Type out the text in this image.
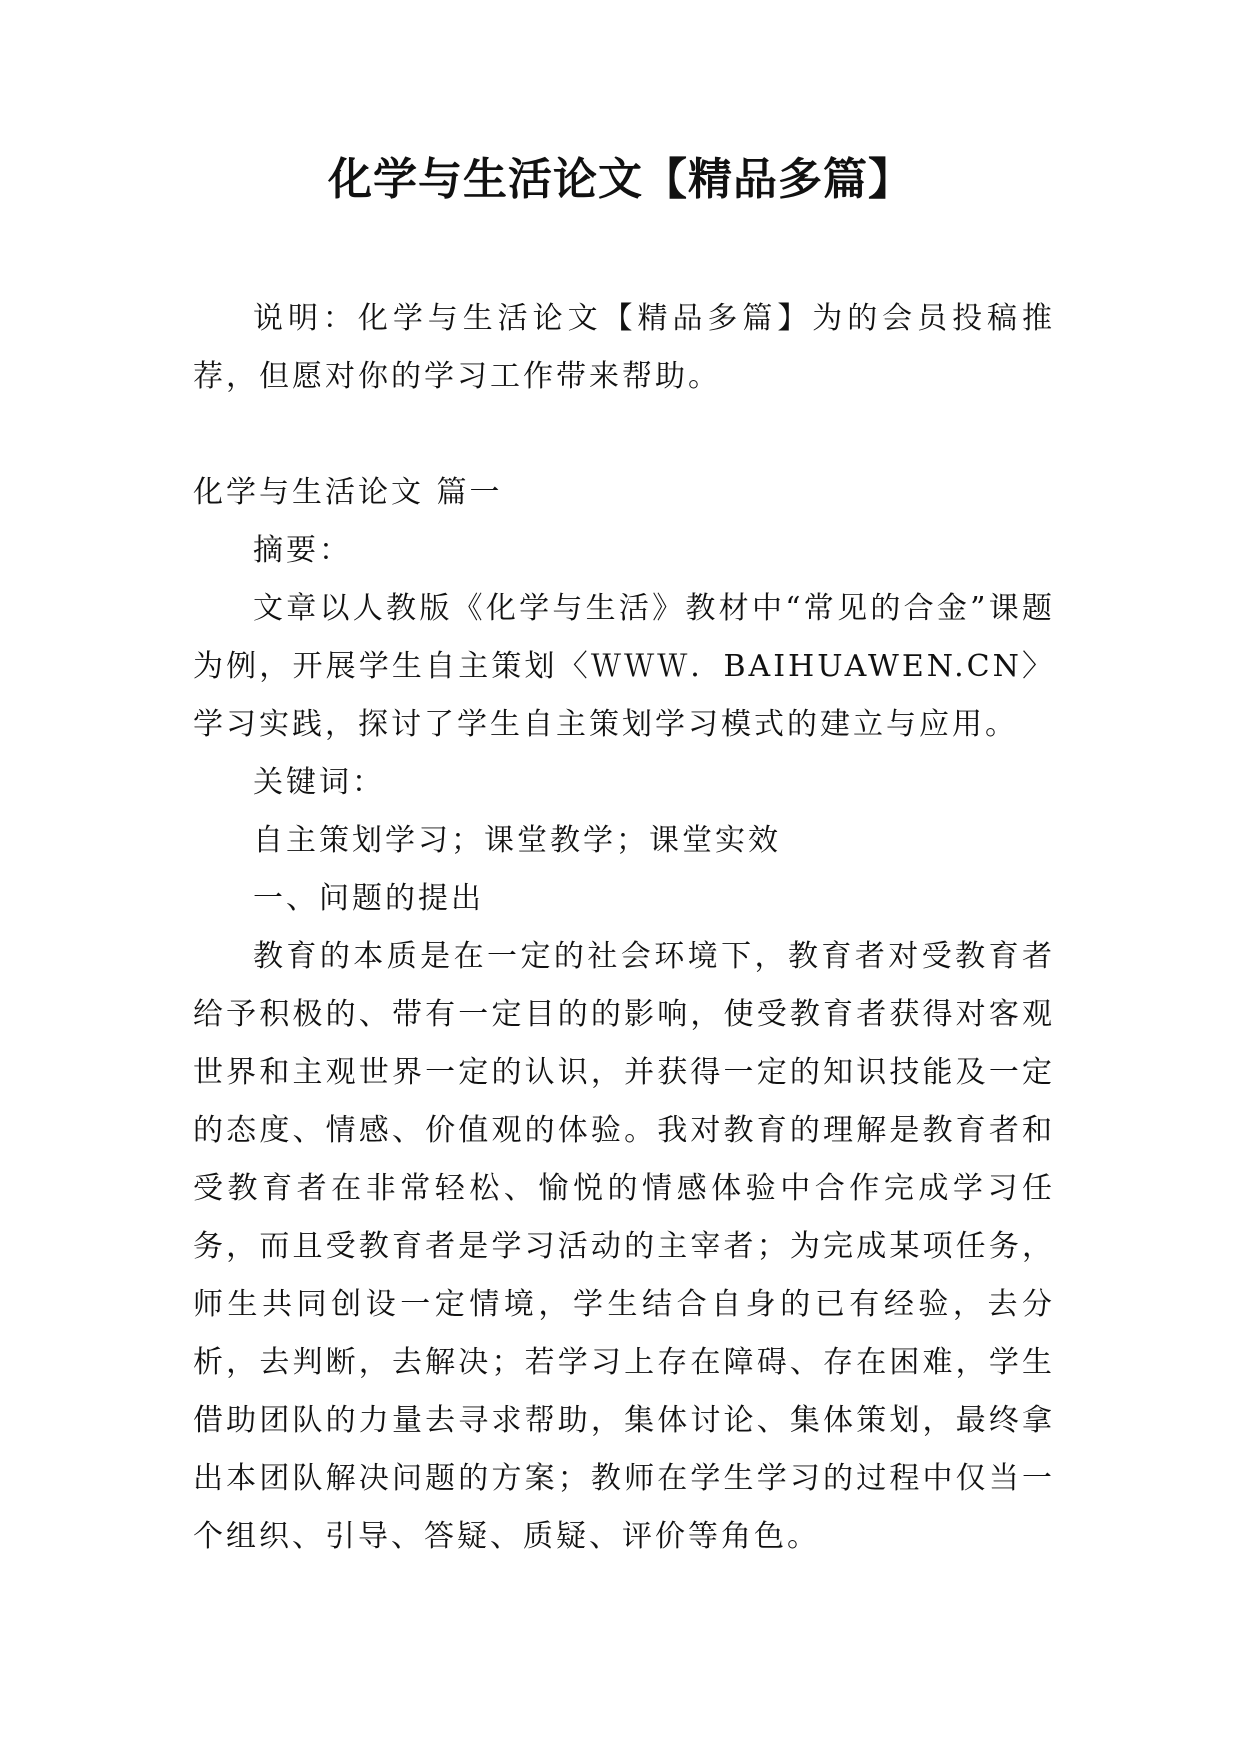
化学与生活论文【精品多篇】

说明：化学与生活论文【精品多篇】为的会员投稿推荐，但愿对你的学习工作带来帮助。

化学与生活论文 篇一

摘要：

文章以人教版《化学与生活》教材中“常见的合金”课题为例，开展学生自主策划〈ＷＷＷ．BAIHUAWEN.CN〉学习实践，探讨了学生自主策划学习模式的建立与应用。

关键词：

自主策划学习；课堂教学；课堂实效

一、问题的提出

教育的本质是在一定的社会环境下，教育者对受教育者给予积极的、带有一定目的的影响，使受教育者获得对客观世界和主观世界一定的认识，并获得一定的知识技能及一定的态度、情感、价值观的体验。我对教育的理解是教育者和受教育者在非常轻松、愉悦的情感体验中合作完成学习任务，而且受教育者是学习活动的主宰者；为完成某项任务，师生共同创设一定情境，学生结合自身的已有经验，去分析，去判断，去解决；若学习上存在障碍、存在困难，学生借助团队的力量去寻求帮助，集体讨论、集体策划，最终拿出本团队解决问题的方案；教师在学生学习的过程中仅当一个组织、引导、答疑、质疑、评价等角色。
